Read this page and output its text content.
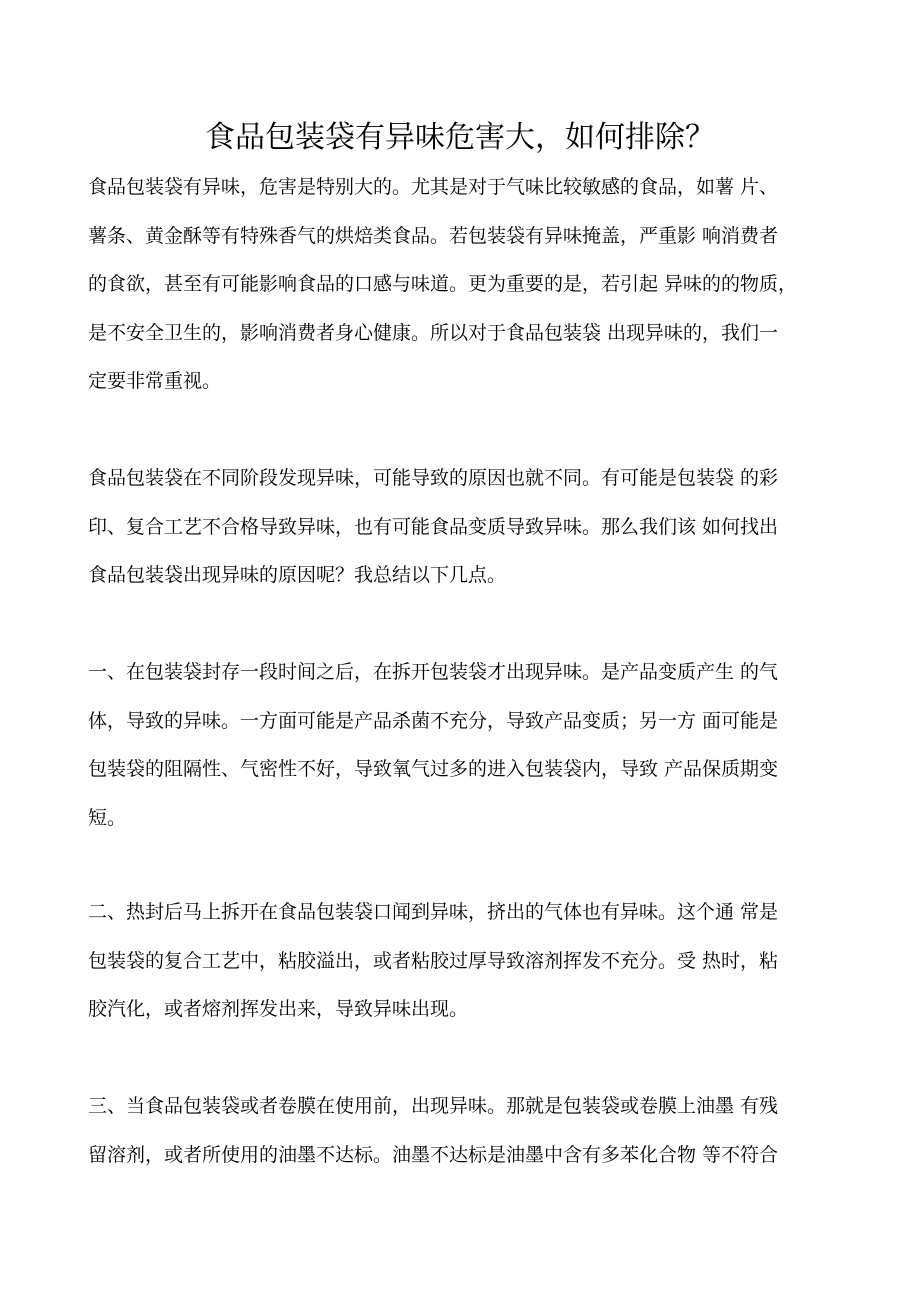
食品包装袋有异味危害大，如何排除？
食品包装袋有异味，危害是特别大的。尤其是对于气味比较敏感的食品，如薯 片、
薯条、黄金酥等有特殊香气的烘焙类食品。若包装袋有异味掩盖，严重影 响消费者
的食欲，甚至有可能影响食品的口感与味道。更为重要的是，若引起 异味的的物质，
是不安全卫生的，影响消费者身心健康。所以对于食品包装袋 出现异味的，我们一
定要非常重视。
食品包装袋在不同阶段发现异味，可能导致的原因也就不同。有可能是包装袋 的彩
印、复合工艺不合格导致异味，也有可能食品变质导致异味。那么我们该 如何找出
食品包装袋出现异味的原因呢？我总结以下几点。
一、在包装袋封存一段时间之后，在拆开包装袋才出现异味。是产品变质产生 的气
体，导致的异味。一方面可能是产品杀菌不充分，导致产品变质；另一方 面可能是
包装袋的阻隔性、气密性不好，导致氧气过多的进入包装袋内，导致 产品保质期变
短。
二、热封后马上拆开在食品包装袋口闻到异味，挤出的气体也有异味。这个通 常是
包装袋的复合工艺中，粘胶溢出，或者粘胶过厚导致溶剂挥发不充分。受 热时，粘
胶汽化，或者熔剂挥发出来，导致异味出现。
三、当食品包装袋或者卷膜在使用前，出现异味。那就是包装袋或卷膜上油墨 有残
留溶剂，或者所使用的油墨不达标。油墨不达标是油墨中含有多苯化合物 等不符合
